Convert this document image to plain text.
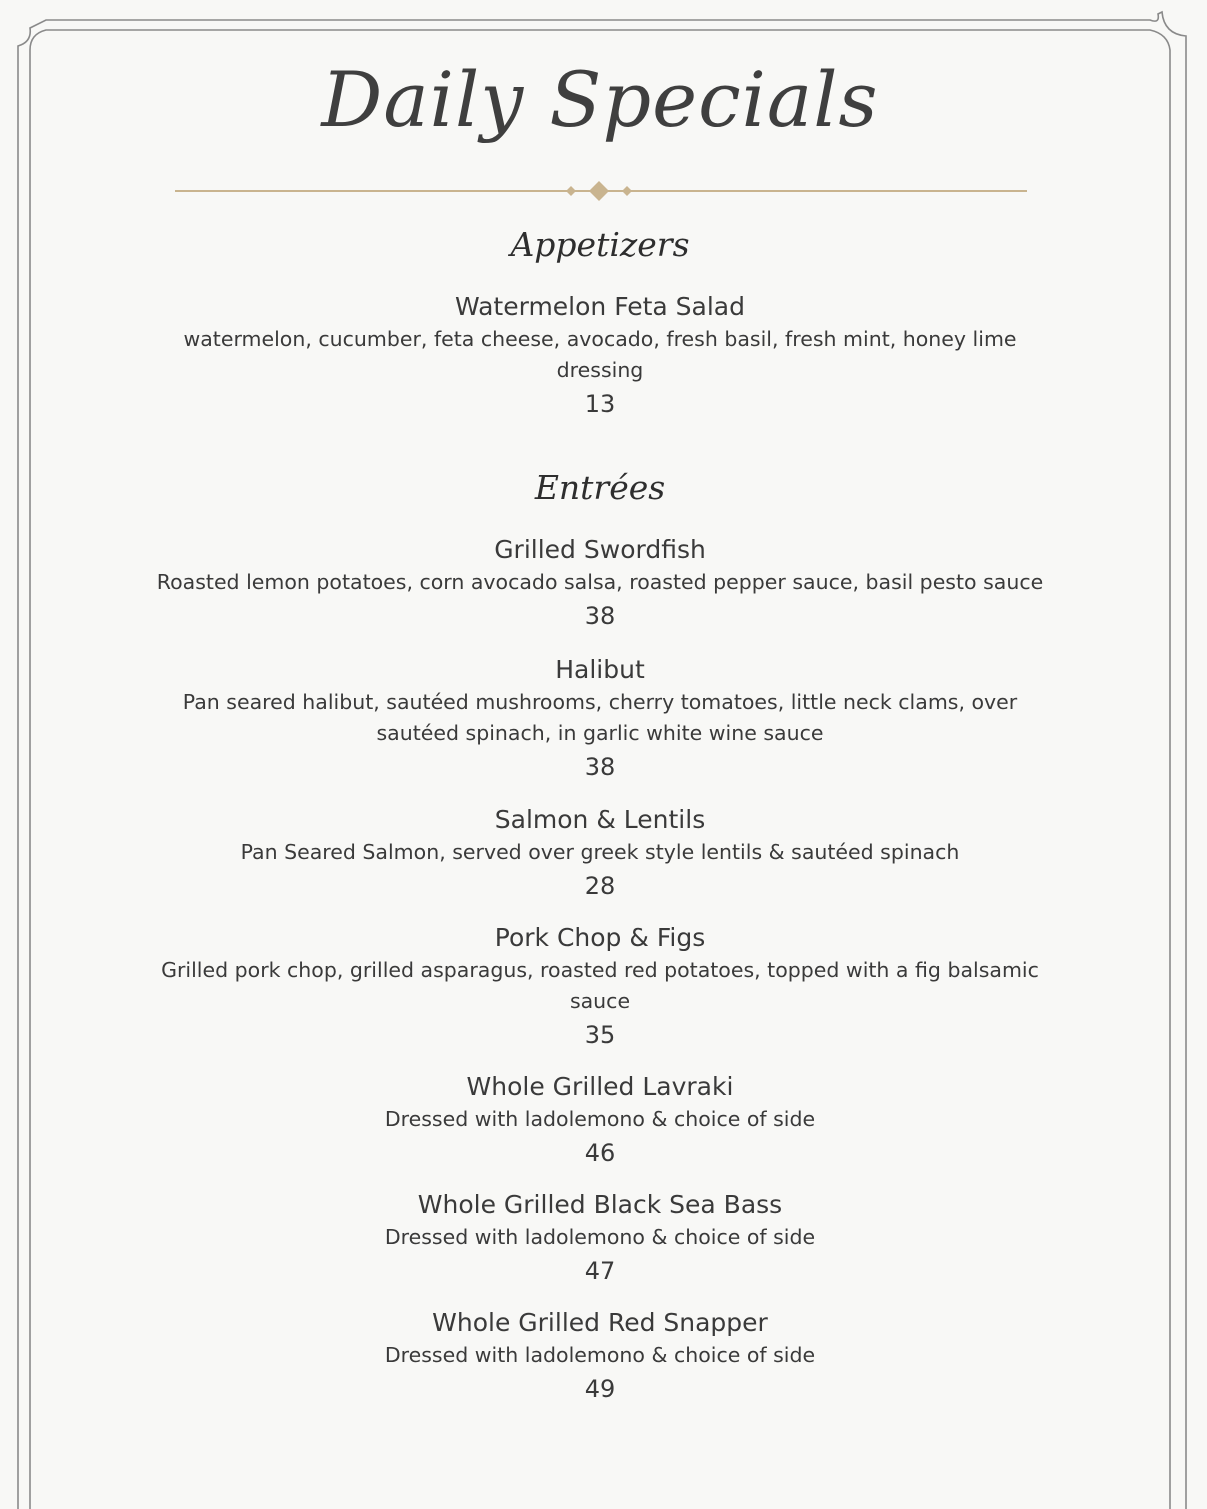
Daily Specials
Appetizers
Watermelon Feta Salad
watermelon, cucumber, feta cheese, avocado, fresh basil, fresh mint, honey lime dressing
13
Entrées
Grilled Swordfish
Roasted lemon potatoes, corn avocado salsa, roasted pepper sauce, basil pesto sauce
38
Halibut
Pan seared halibut, sautéed mushrooms, cherry tomatoes, little neck clams, over sautéed spinach, in garlic white wine sauce
38
Salmon & Lentils
Pan Seared Salmon, served over greek style lentils & sautéed spinach
28
Pork Chop & Figs
Grilled pork chop, grilled asparagus, roasted red potatoes, topped with a fig balsamic sauce
35
Whole Grilled Lavraki
Dressed with ladolemono & choice of side
46
Whole Grilled Black Sea Bass
Dressed with ladolemono & choice of side
47
Whole Grilled Red Snapper
Dressed with ladolemono & choice of side
49
